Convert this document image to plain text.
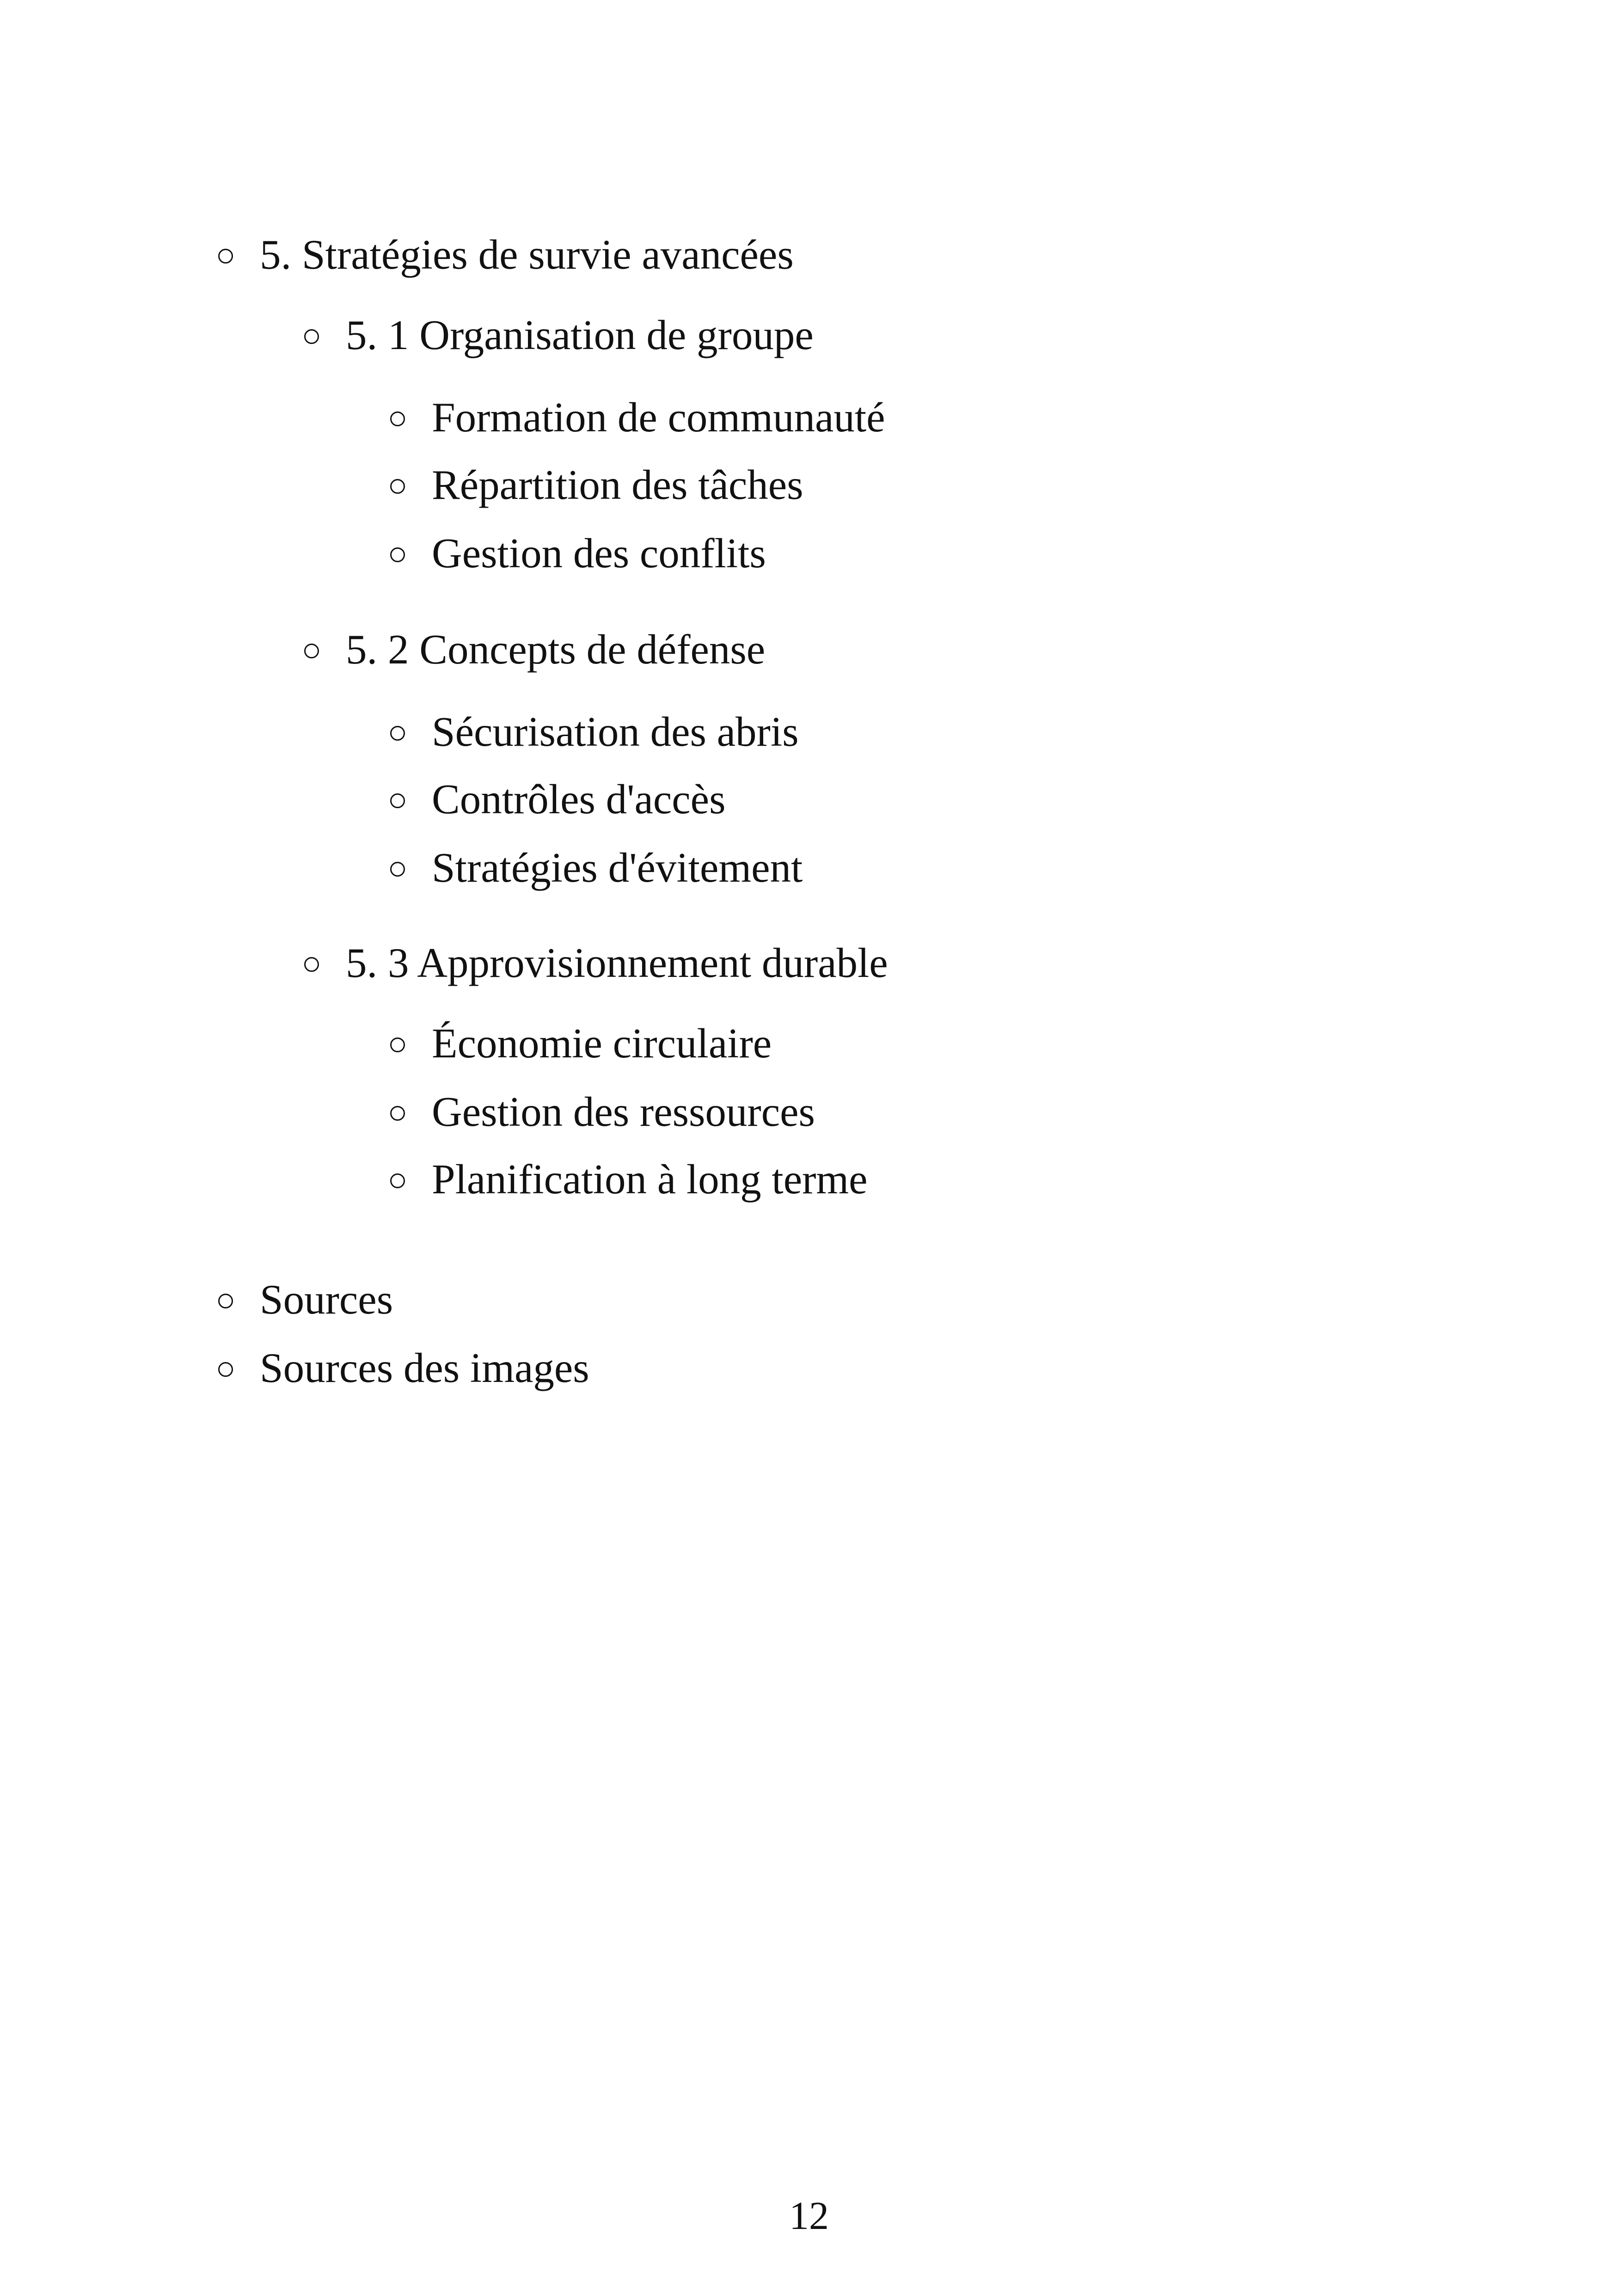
5. Stratégies de survie avancées
5. 1 Organisation de groupe
Formation de communauté
Répartition des tâches
Gestion des conflits
5. 2 Concepts de défense
Sécurisation des abris
Contrôles d'accès
Stratégies d'évitement
5. 3 Approvisionnement durable
Économie circulaire
Gestion des ressources
Planification à long terme
Sources
Sources des images
12
